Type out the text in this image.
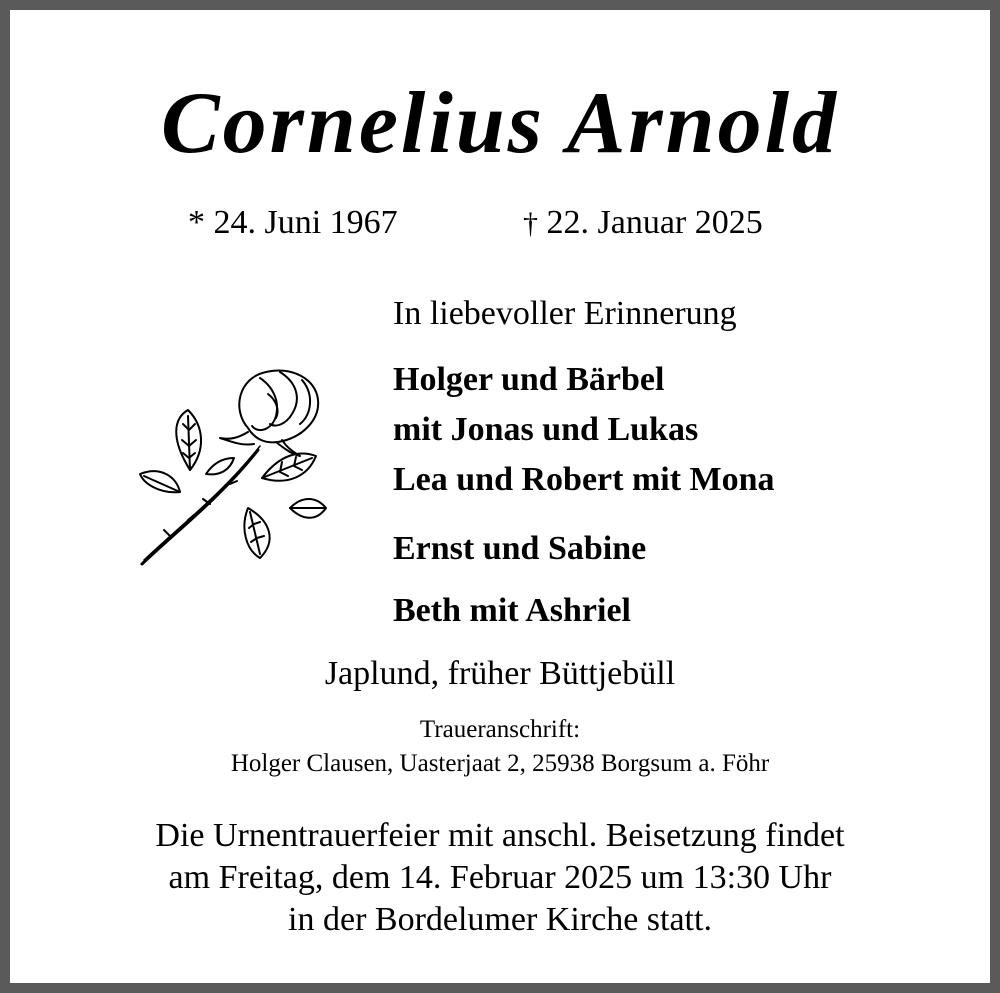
Cornelius Arnold
* 24. Juni 1967	† 22. Januar 2025
In liebevoller Erinnerung
Holger und Bärbel
mit Jonas und Lukas
Lea und Robert mit Mona
Ernst und Sabine
Beth mit Ashriel
Japlund, früher Büttjebüll
Traueranschrift:
Holger Clausen, Uasterjaat 2, 25938 Borgsum a. Föhr
Die Urnentrauerfeier mit anschl. Beisetzung findet
am Freitag, dem 14. Februar 2025 um 13:30 Uhr
in der Bordelumer Kirche statt.
